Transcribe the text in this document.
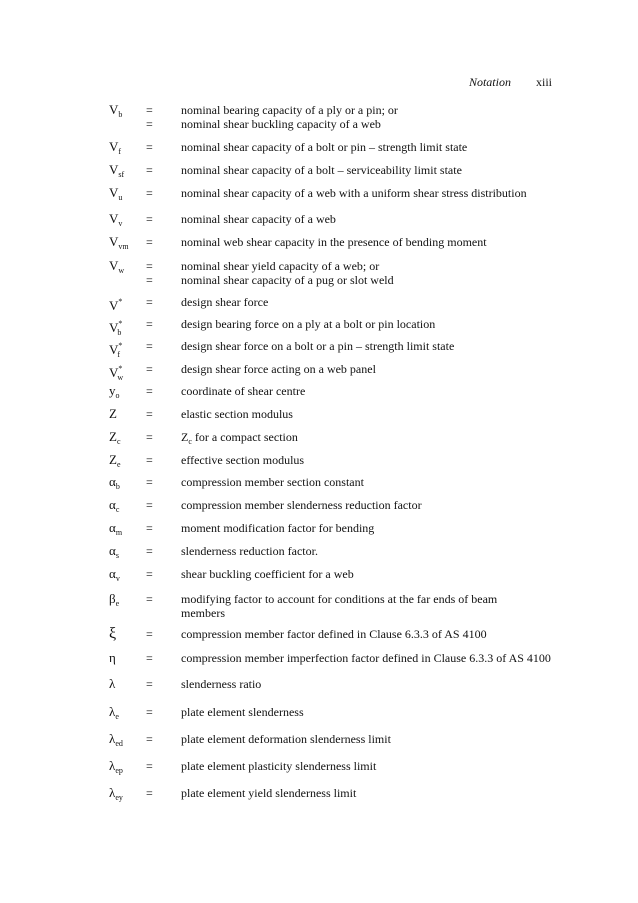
Notation xiii
$V_b$ = nominal bearing capacity of a ply or a pin; or
= nominal shear buckling capacity of a web
$V_f$ = nominal shear capacity of a bolt or pin – strength limit state
$V_{sf}$ = nominal shear capacity of a bolt – serviceability limit state
$V_u$ = nominal shear capacity of a web with a uniform shear stress distribution
$V_v$ = nominal shear capacity of a web
$V_{vm}$ = nominal web shear capacity in the presence of bending moment
$V_w$ = nominal shear yield capacity of a web; or
= nominal shear capacity of a pug or slot weld
V* = design shear force
$V^*_b$
= design bearing force on a ply at a bolt or pin location
$V^*_f$
= design shear force on a bolt or a pin – strength limit state
$V^*_w$
= design shear force acting on a web panel
$y_o$ = coordinate of shear centre
Z = elastic section modulus
$Z_c = Z_c$ for a compact section
$Z_e$ = effective section modulus
$\alpha_b$ = compression member section constant
$\alpha_c$ = compression member slenderness reduction factor
$\alpha_m$ = moment modification factor for bending
$\alpha_s$ = slenderness reduction factor.
$\alpha_v$ = shear buckling coefficient for a web
$\beta_e$ = modifying factor to account for conditions at the far ends of beam
members
ξ = compression member factor defined in Clause 6.3.3 of AS 4100
η	= compression member imperfection factor defined in Clause 6.3.3 of AS 4100
λ	= slenderness ratio
$\lambda_e$ = plate element slenderness
$\lambda_{ed}$ = plate element deformation slenderness limit
$\lambda_{ep}$ = plate element plasticity slenderness limit
$\lambda_{ey}$ = plate element yield slenderness limit
